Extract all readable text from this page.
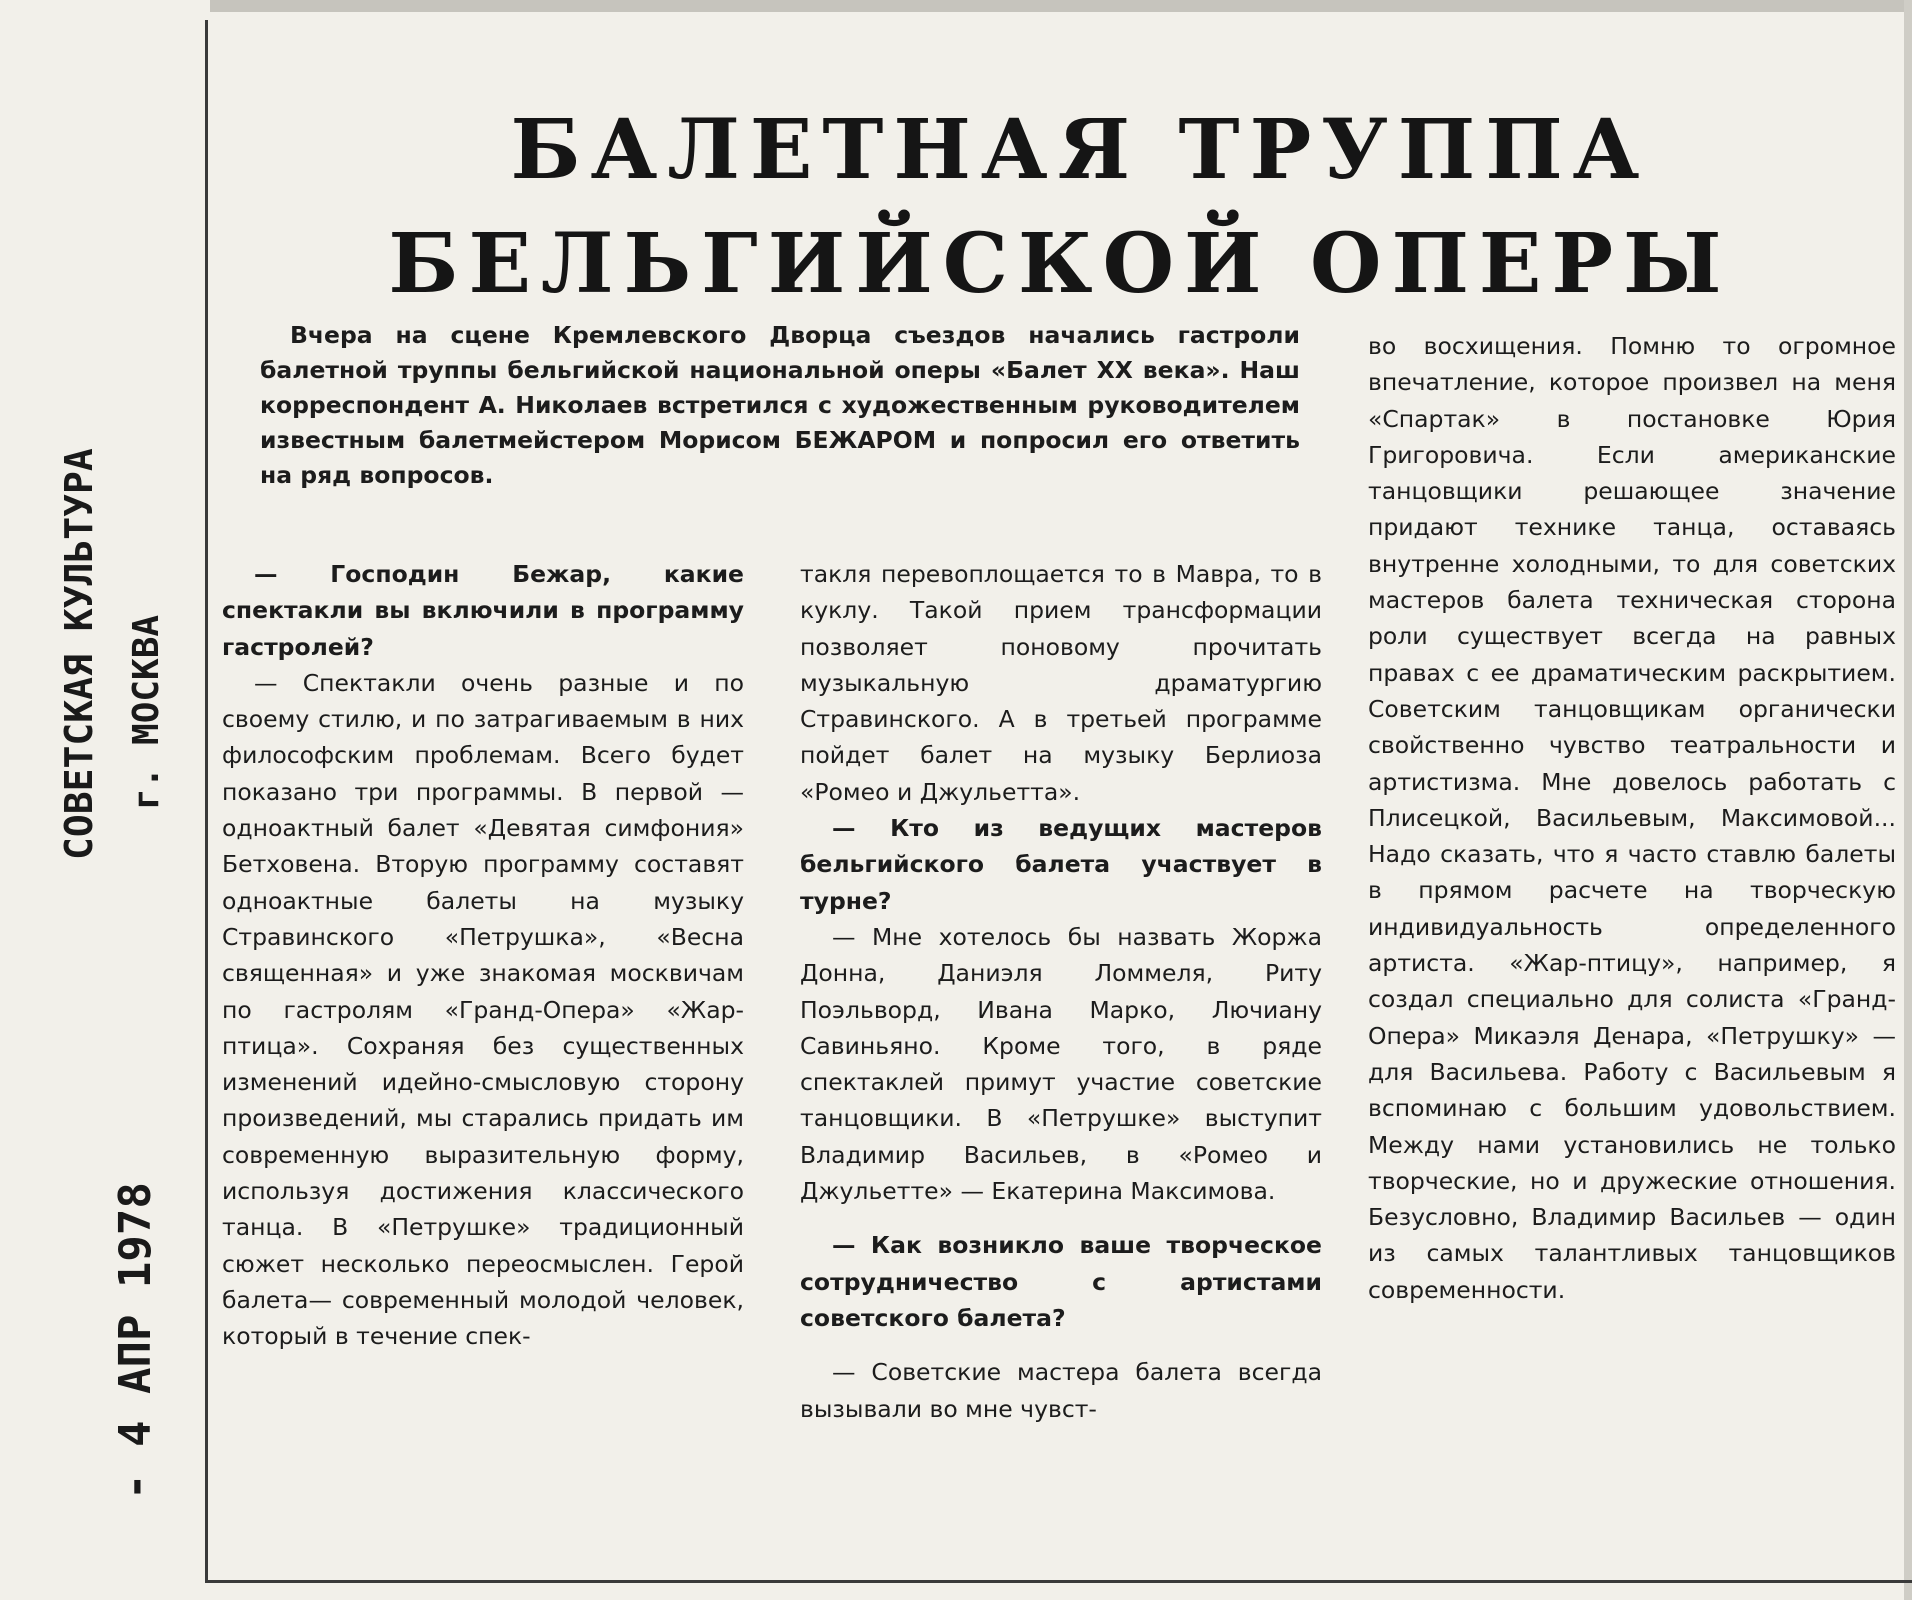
СОВЕТСКАЯ КУЛЬТУРА г. МОСКВА
- 4 АПР 1978
БАЛЕТНАЯ ТРУППА
БЕЛЬГИЙСКОЙ ОПЕРЫ
Вчера на сцене Кремлевского Дворца съездов начались гастроли балетной труппы бельгийской национальной оперы «Балет XX века». Наш корреспондент А. Николаев встретился с художественным руководителем известным балетмейстером Морисом БЕЖАРОМ и попросил его ответить на ряд вопросов.
— Господин Бежар, какие спектакли вы включили в программу гастролей?
— Спектакли очень разные и по своему стилю, и по затрагиваемым в них философским проблемам. Всего будет показано три программы. В первой — одноактный балет «Девятая симфония» Бетховена. Вторую программу составят одноактные балеты на музыку Стравинского «Петрушка», «Весна священная» и уже знакомая москвичам по гастролям «Гранд-Опера» «Жар-птица». Сохраняя без существенных изменений идейно-смысловую сторону произведений, мы старались придать им современную выразительную форму, используя достижения классического танца. В «Петрушке» традиционный сюжет несколько переосмыслен. Герой балета— современный молодой человек, который в течение спек-
такля перевоплощается то в Мавра, то в куклу. Такой прием трансформации позволяет поновому прочитать музыкальную драматургию Стравинского. А в третьей программе пойдет балет на музыку Берлиоза «Ромео и Джульетта».
— Кто из ведущих мастеров бельгийского балета участвует в турне?
— Мне хотелось бы назвать Жоржа Донна, Даниэля Ломмеля, Риту Поэльворд, Ивана Марко, Лючиану Савиньяно. Кроме того, в ряде спектаклей примут участие советские танцовщики. В «Петрушке» выступит Владимир Васильев, в «Ромео и Джульетте» — Екатерина Максимова.
— Как возникло ваше творческое сотрудничество с артистами советского балета?
— Советские мастера балета всегда вызывали во мне чувст-
во восхищения. Помню то огромное впечатление, которое произвел на меня «Спартак» в постановке Юрия Григоровича. Если американские танцовщики решающее значение придают технике танца, оставаясь внутренне холодными, то для советских мастеров балета техническая сторона роли существует всегда на равных правах с ее драматическим раскрытием. Советским танцовщикам органически свойственно чувство театральности и артистизма. Мне довелось работать с Плисецкой, Васильевым, Максимовой... Надо сказать, что я часто ставлю балеты в прямом расчете на творческую индивидуальность определенного артиста. «Жар-птицу», например, я создал специально для солиста «Гранд-Опера» Микаэля Денара, «Петрушку» — для Васильева. Работу с Васильевым я вспоминаю с большим удовольствием. Между нами установились не только творческие, но и дружеские отношения. Безусловно, Владимир Васильев — один из самых талантливых танцовщиков современности.
